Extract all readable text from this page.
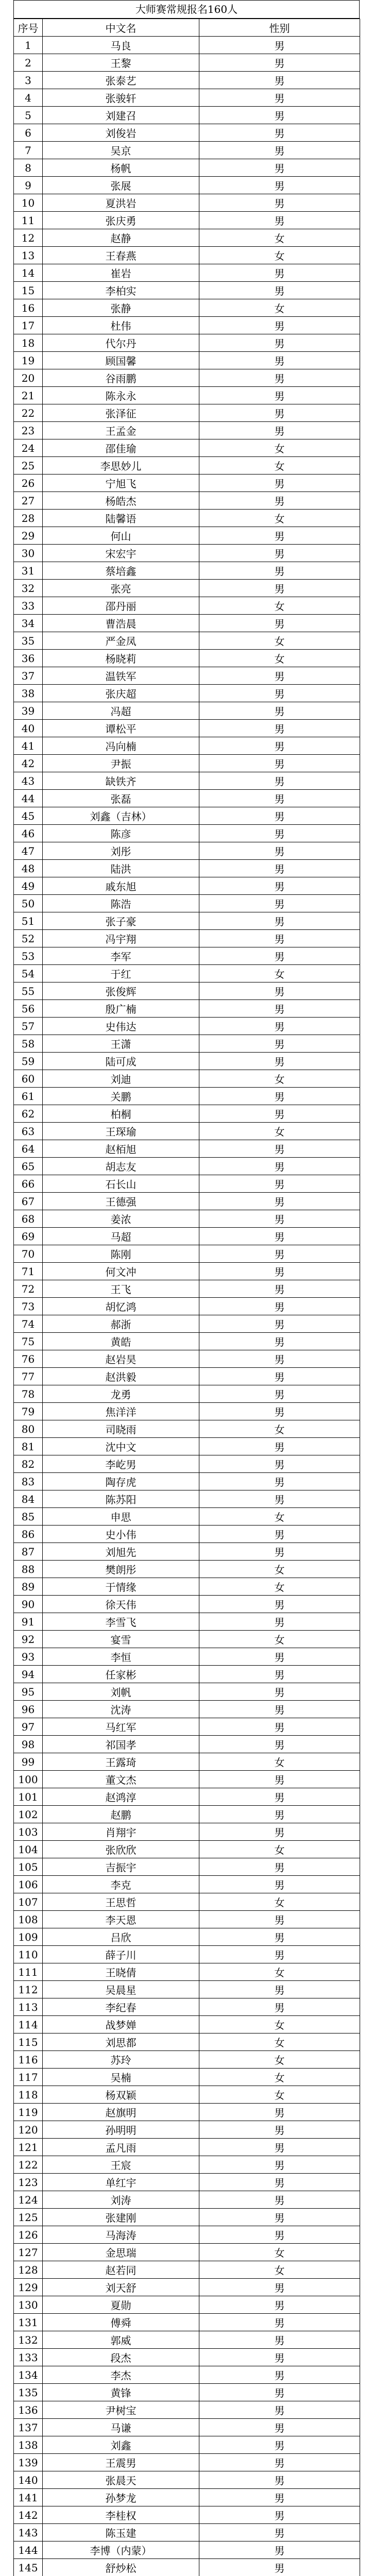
大师赛常规报名160人
序号	中文名	性别
1	马良	男
2	王黎	男
3	张泰艺	男
4	张骏轩	男
5	刘建召	男
6	刘俊岩	男
7	吴京	男
8	杨帆	男
9	张展	男
10	夏洪岩	男
11	张庆勇	男
12	赵静	女
13	王春燕	女
14	崔岩	男
15	李柏实	男
16	张静	女
17	杜伟	男
18	代尔丹	男
19	顾国馨	男
20	谷雨鹏	男
21	陈永永	男
22	张泽征	男
23	王孟金	男
24	邵佳瑜	女
25	李思妙儿	女
26	宁旭飞	男
27	杨皓杰	男
28	陆馨语	女
29	何山	男
30	宋宏宇	男
31	蔡培鑫	男
32	张亮	男
33	邵丹丽	女
34	曹浩晨	男
35	严金凤	女
36	杨晓莉	女
37	温铁军	男
38	张庆超	男
39	冯超	男
40	谭松平	男
41	冯向楠	男
42	尹振	男
43	缺铁齐	男
44	张磊	男
45	刘鑫（吉林）	男
46	陈彦	男
47	刘彤	男
48	陆洪	男
49	戚东旭	男
50	陈浩	男
51	张子豪	男
52	冯宇翔	男
53	李军	男
54	于红	女
55	张俊辉	男
56	殷广楠	男
57	史伟达	男
58	王潇	男
59	陆可成	男
60	刘迪	女
61	关鹏	男
62	柏桐	男
63	王琛瑜	女
64	赵栢旭	男
65	胡志友	男
66	石长山	男
67	王德强	男
68	姜浓	男
69	马超	男
70	陈刚	男
71	何文冲	男
72	王飞	男
73	胡忆鸿	男
74	郝浙	男
75	黄皓	男
76	赵岩昊	男
77	赵洪毅	男
78	龙勇	男
79	焦洋洋	男
80	司晓雨	女
81	沈中文	男
82	李屹男	男
83	陶存虎	男
84	陈苏阳	男
85	申思	女
86	史小伟	男
87	刘旭先	男
88	樊朗彤	女
89	于情缘	女
90	徐天伟	男
91	李雪飞	男
92	宴雪	女
93	李恒	男
94	任家彬	男
95	刘帆	男
96	沈涛	男
97	马红军	男
98	祁国孝	男
99	王露琦	女
100	董文杰	男
101	赵鸿淳	男
102	赵鹏	男
103	肖翔宇	男
104	张欣欣	女
105	吉振宇	男
106	李克	男
107	王思哲	女
108	李天恩	男
109	吕欣	男
110	薛子川	男
111	王晓倩	女
112	吴晨星	男
113	李纪春	男
114	战梦婵	女
115	刘思都	女
116	苏玲	女
117	吴楠	女
118	杨双颖	女
119	赵旗明	男
120	孙明明	男
121	孟凡雨	男
122	王宸	男
123	单红宇	男
124	刘涛	男
125	张建刚	男
126	马海涛	男
127	金思瑞	女
128	赵若同	女
129	刘天舒	男
130	夏勋	男
131	傅舜	男
132	郭威	男
133	段杰	男
134	李杰	男
135	黄锋	男
136	尹树宝	男
137	马谦	男
138	刘鑫	男
139	王震男	男
140	张晨天	男
141	孙梦龙	男
142	李桂权	男
143	陈玉建	男
144	李博（内蒙）	男
145	舒炒松	男
